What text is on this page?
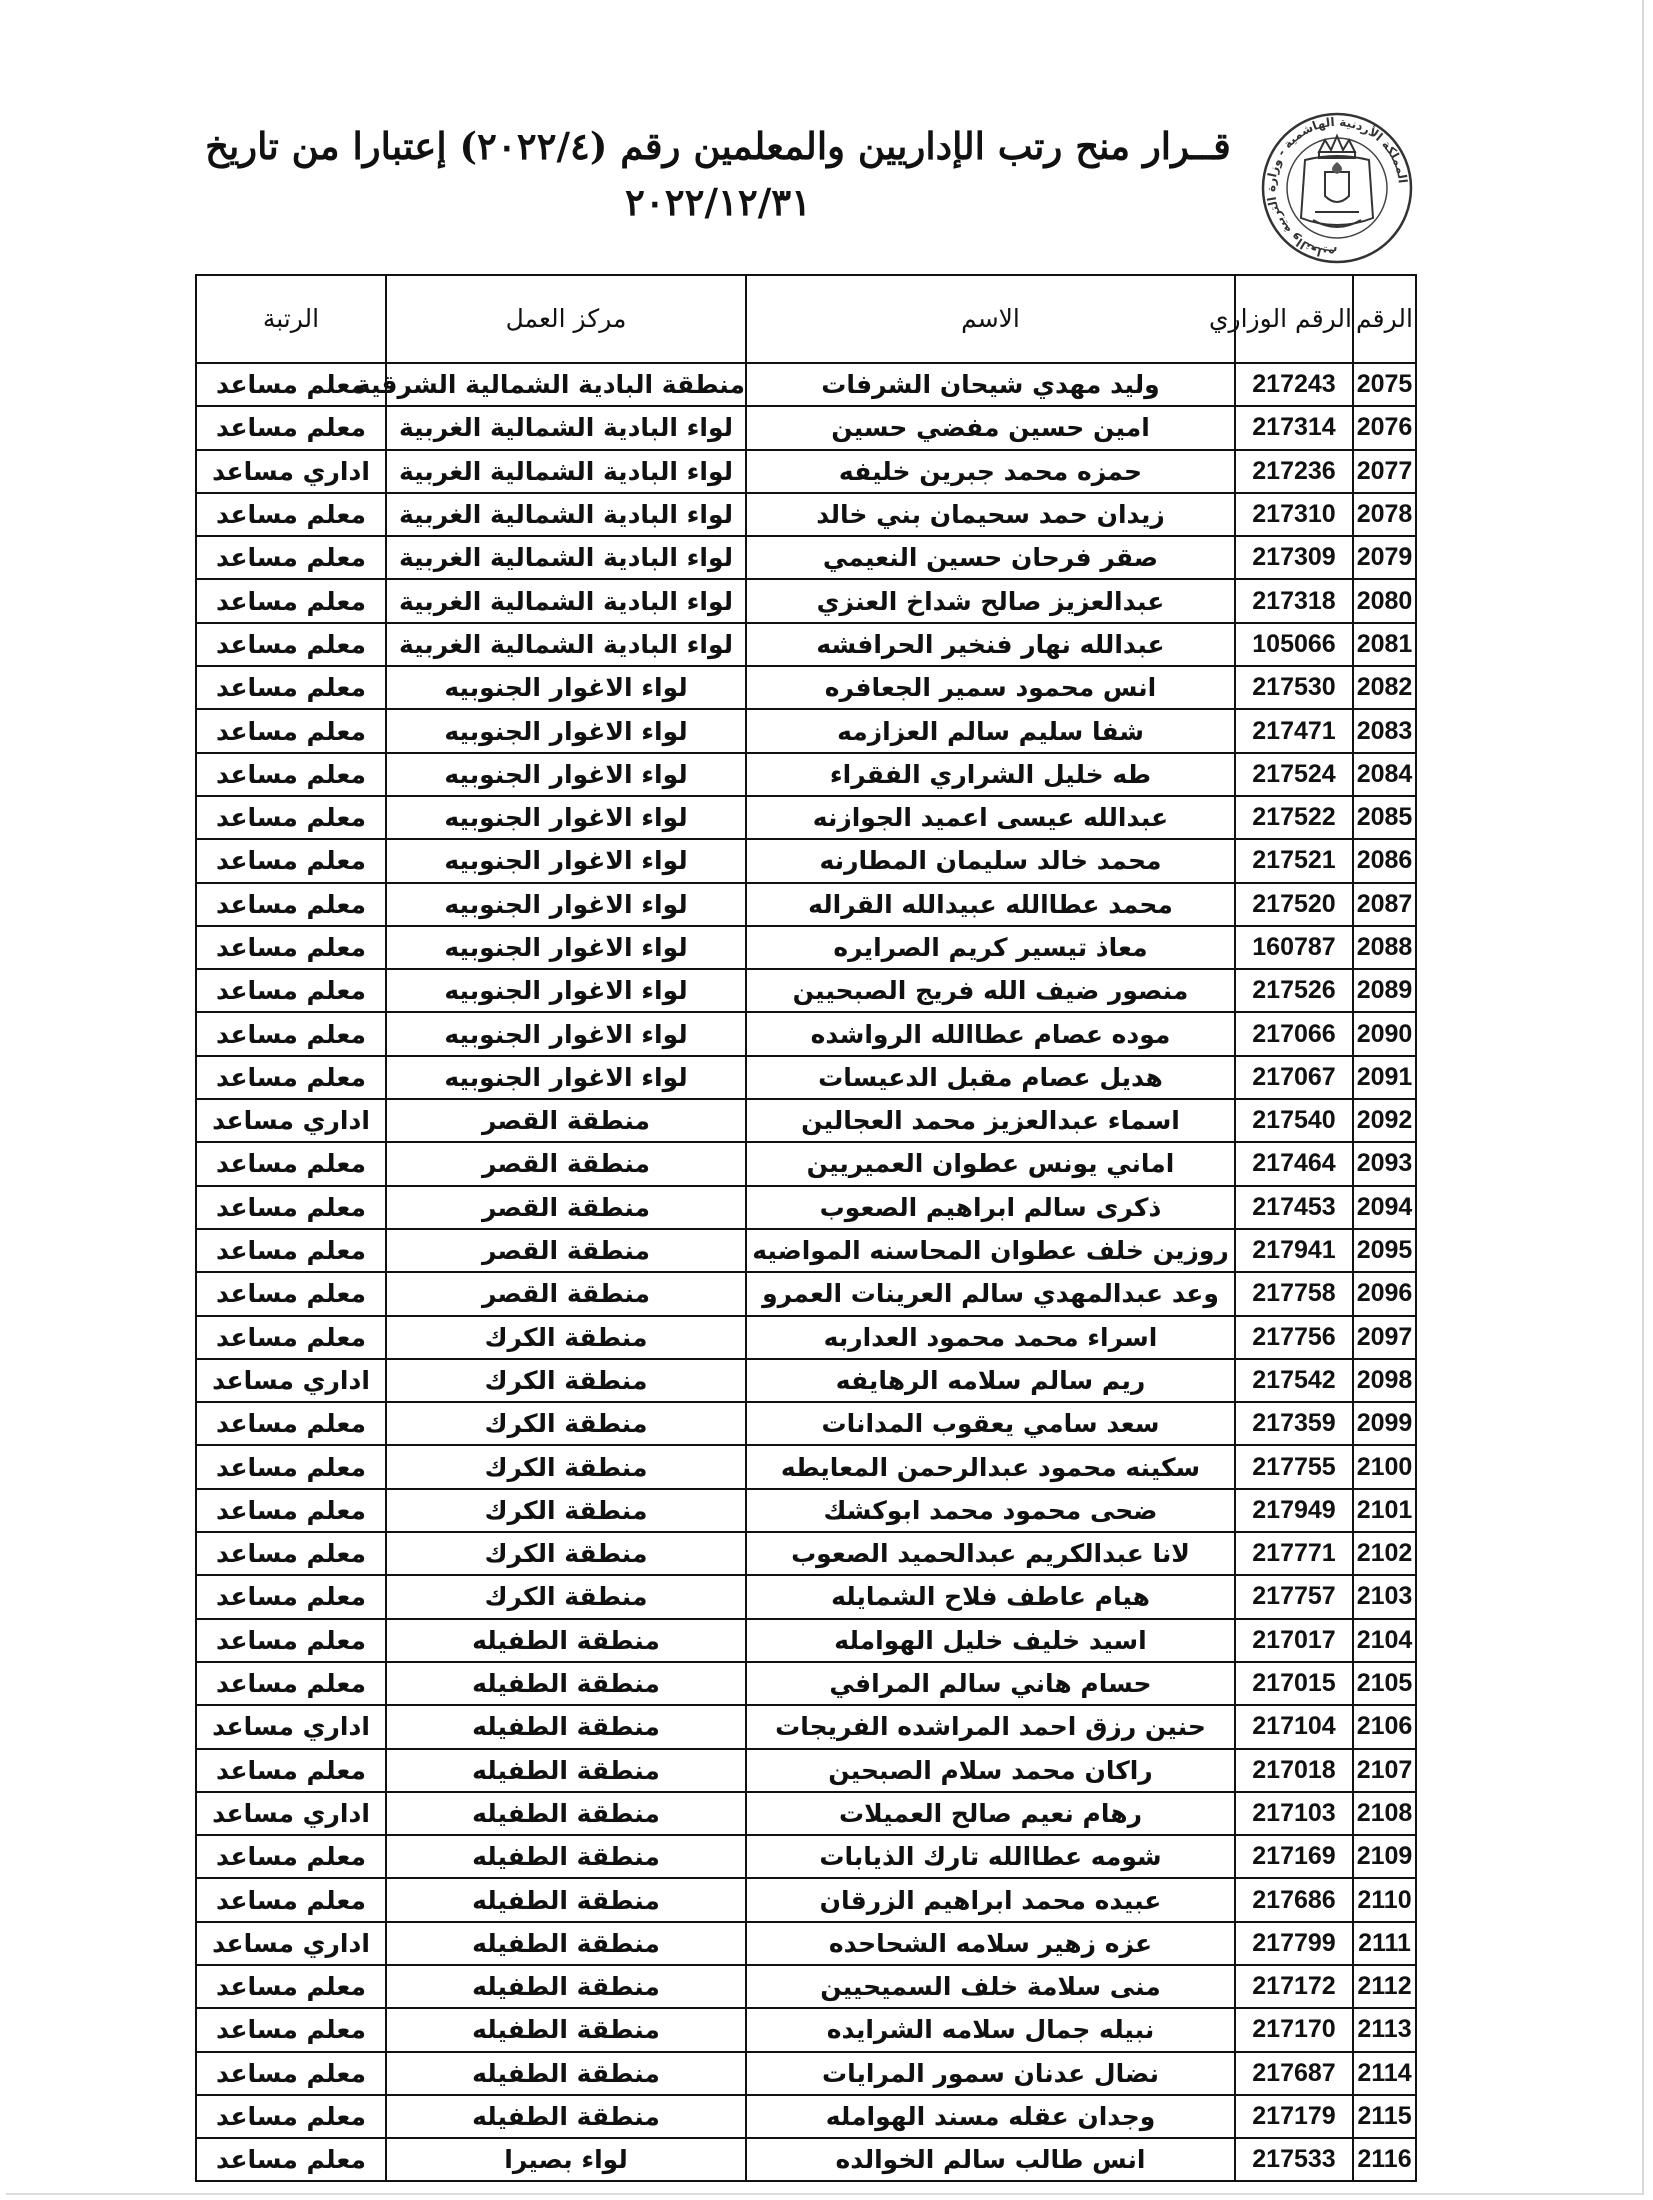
قــرار منح رتب الإداريين والمعلمين رقم (٢٠٢٢/٤) إعتبارا من تاريخ
٢٠٢٢/١٢/٣١
المملكة الأردنية الهاشمية - وزارة التربية والتعليم
الرقم	الرقم الوزاري	الاسم	مركز العمل	الرتبة
2075	217243	وليد مهدي شيحان الشرفات	منطقة البادية الشمالية الشرقية	معلم مساعد
2076	217314	امين حسين مفضي حسين	لواء البادية الشمالية الغربية	معلم مساعد
2077	217236	حمزه محمد جبرين خليفه	لواء البادية الشمالية الغربية	اداري مساعد
2078	217310	زيدان حمد سحيمان بني خالد	لواء البادية الشمالية الغربية	معلم مساعد
2079	217309	صقر فرحان حسين النعيمي	لواء البادية الشمالية الغربية	معلم مساعد
2080	217318	عبدالعزيز صالح شداخ العنزي	لواء البادية الشمالية الغربية	معلم مساعد
2081	105066	عبدالله نهار فنخير الحرافشه	لواء البادية الشمالية الغربية	معلم مساعد
2082	217530	انس محمود سمير الجعافره	لواء الاغوار الجنوبيه	معلم مساعد
2083	217471	شفا سليم سالم العزازمه	لواء الاغوار الجنوبيه	معلم مساعد
2084	217524	طه خليل الشراري الفقراء	لواء الاغوار الجنوبيه	معلم مساعد
2085	217522	عبدالله عيسى اعميد الجوازنه	لواء الاغوار الجنوبيه	معلم مساعد
2086	217521	محمد خالد سليمان المطارنه	لواء الاغوار الجنوبيه	معلم مساعد
2087	217520	محمد عطاالله عبيدالله القراله	لواء الاغوار الجنوبيه	معلم مساعد
2088	160787	معاذ تيسير كريم الصرايره	لواء الاغوار الجنوبيه	معلم مساعد
2089	217526	منصور ضيف الله فريج الصبحيين	لواء الاغوار الجنوبيه	معلم مساعد
2090	217066	موده عصام عطاالله الرواشده	لواء الاغوار الجنوبيه	معلم مساعد
2091	217067	هديل عصام مقبل الدعيسات	لواء الاغوار الجنوبيه	معلم مساعد
2092	217540	اسماء عبدالعزيز محمد العجالين	منطقة القصر	اداري مساعد
2093	217464	اماني يونس عطوان العميريين	منطقة القصر	معلم مساعد
2094	217453	ذكرى سالم ابراهيم الصعوب	منطقة القصر	معلم مساعد
2095	217941	روزين خلف عطوان المحاسنه المواضيه	منطقة القصر	معلم مساعد
2096	217758	وعد عبدالمهدي سالم العرينات العمرو	منطقة القصر	معلم مساعد
2097	217756	اسراء محمد محمود العداربه	منطقة الكرك	معلم مساعد
2098	217542	ريم سالم سلامه الرهايفه	منطقة الكرك	اداري مساعد
2099	217359	سعد سامي يعقوب المدانات	منطقة الكرك	معلم مساعد
2100	217755	سكينه محمود عبدالرحمن المعايطه	منطقة الكرك	معلم مساعد
2101	217949	ضحى محمود محمد ابوكشك	منطقة الكرك	معلم مساعد
2102	217771	لانا عبدالكريم عبدالحميد الصعوب	منطقة الكرك	معلم مساعد
2103	217757	هيام عاطف فلاح الشمايله	منطقة الكرك	معلم مساعد
2104	217017	اسيد خليف خليل الهوامله	منطقة الطفيله	معلم مساعد
2105	217015	حسام هاني سالم المرافي	منطقة الطفيله	معلم مساعد
2106	217104	حنين رزق احمد المراشده الفريجات	منطقة الطفيله	اداري مساعد
2107	217018	راكان محمد سلام الصبحين	منطقة الطفيله	معلم مساعد
2108	217103	رهام نعيم صالح العميلات	منطقة الطفيله	اداري مساعد
2109	217169	شومه عطاالله تارك الذيابات	منطقة الطفيله	معلم مساعد
2110	217686	عبيده محمد ابراهيم الزرقان	منطقة الطفيله	معلم مساعد
2111	217799	عزه زهير سلامه الشحاحده	منطقة الطفيله	اداري مساعد
2112	217172	منى سلامة خلف السميحيين	منطقة الطفيله	معلم مساعد
2113	217170	نبيله جمال سلامه الشرايده	منطقة الطفيله	معلم مساعد
2114	217687	نضال عدنان سمور المرايات	منطقة الطفيله	معلم مساعد
2115	217179	وجدان عقله مسند الهوامله	منطقة الطفيله	معلم مساعد
2116	217533	انس طالب سالم الخوالده	لواء بصيرا	معلم مساعد
